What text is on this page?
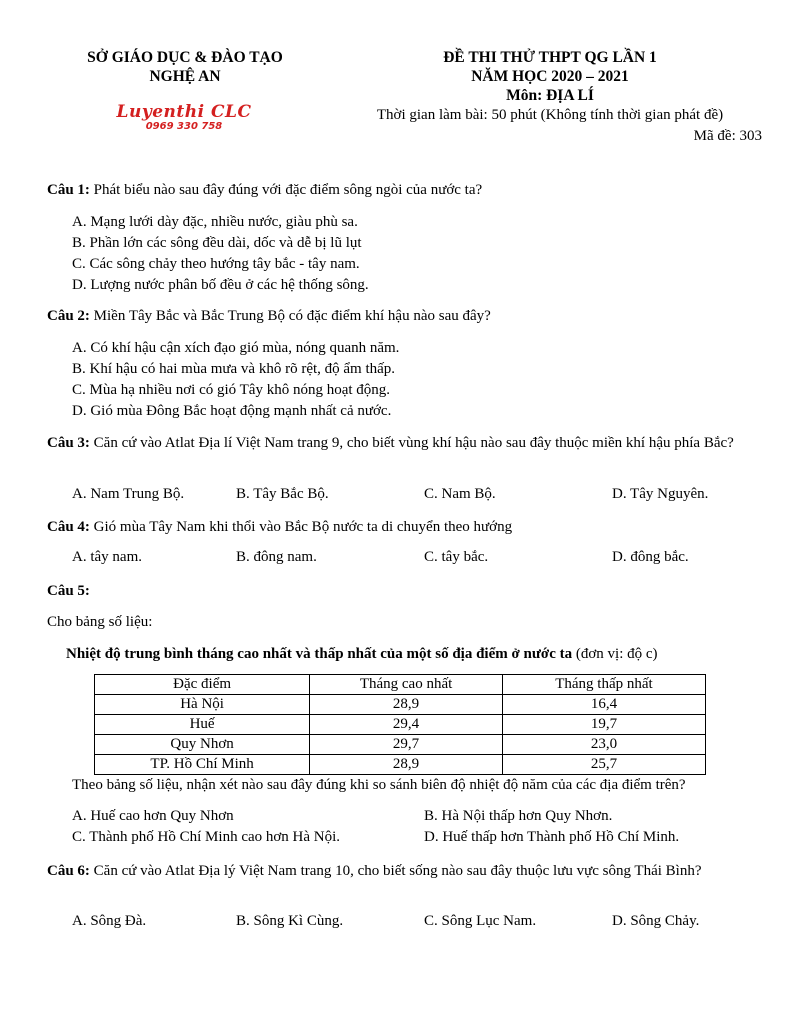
SỞ GIÁO DỤC & ĐÀO TẠO
NGHỆ AN
Luyenthi CLC
0969 330 758
ĐỀ THI THỬ THPT QG LẦN 1
NĂM HỌC 2020 – 2021
Môn: ĐỊA LÍ
Thời gian làm bài: 50 phút (Không tính thời gian phát đề)
Mã đề: 303
Câu 1: Phát biểu nào sau đây đúng với đặc điểm sông ngòi của nước ta?
A. Mạng lưới dày đặc, nhiều nước, giàu phù sa.
B. Phần lớn các sông đều dài, dốc và dễ bị lũ lụt
C. Các sông chảy theo hướng tây bắc - tây nam.
D. Lượng nước phân bố đều ở các hệ thống sông.
Câu 2: Miền Tây Bắc và Bắc Trung Bộ có đặc điểm khí hậu nào sau đây?
A. Có khí hậu cận xích đạo gió mùa, nóng quanh năm.
B. Khí hậu có hai mùa mưa và khô rõ rệt, độ ẩm thấp.
C. Mùa hạ nhiều nơi có gió Tây khô nóng hoạt động.
D. Gió mùa Đông Bắc hoạt động mạnh nhất cả nước.
Câu 3: Căn cứ vào Atlat Địa lí Việt Nam trang 9, cho biết vùng khí hậu nào sau đây thuộc miền khí hậu phía Bắc?
A. Nam Trung Bộ.	B. Tây Bắc Bộ.	C. Nam Bộ.	D. Tây Nguyên.
Câu 4: Gió mùa Tây Nam khi thổi vào Bắc Bộ nước ta di chuyển theo hướng
A. tây nam.	B. đông nam.	C. tây bắc.	D. đông bắc.
Câu 5:
Cho bảng số liệu:
Nhiệt độ trung bình tháng cao nhất và thấp nhất của một số địa điểm ở nước ta (đơn vị: độ c)
Đặc điểm	Tháng cao nhất	Tháng thấp nhất
Hà Nội	28,9	16,4
Huế	29,4	19,7
Quy Nhơn	29,7	23,0
TP. Hồ Chí Minh	28,9	25,7
Theo bảng số liệu, nhận xét nào sau đây đúng khi so sánh biên độ nhiệt độ năm của các địa điểm trên?
A. Huế cao hơn Quy Nhơn	B. Hà Nội thấp hơn Quy Nhơn.
C. Thành phố Hồ Chí Minh cao hơn Hà Nội.	D. Huế thấp hơn Thành phố Hồ Chí Minh.
Câu 6: Căn cứ vào Atlat Địa lý Việt Nam trang 10, cho biết sống nào sau đây thuộc lưu vực sông Thái Bình?
A. Sông Đà.	B. Sông Kì Cùng.	C. Sông Lục Nam.	D. Sông Chảy.
